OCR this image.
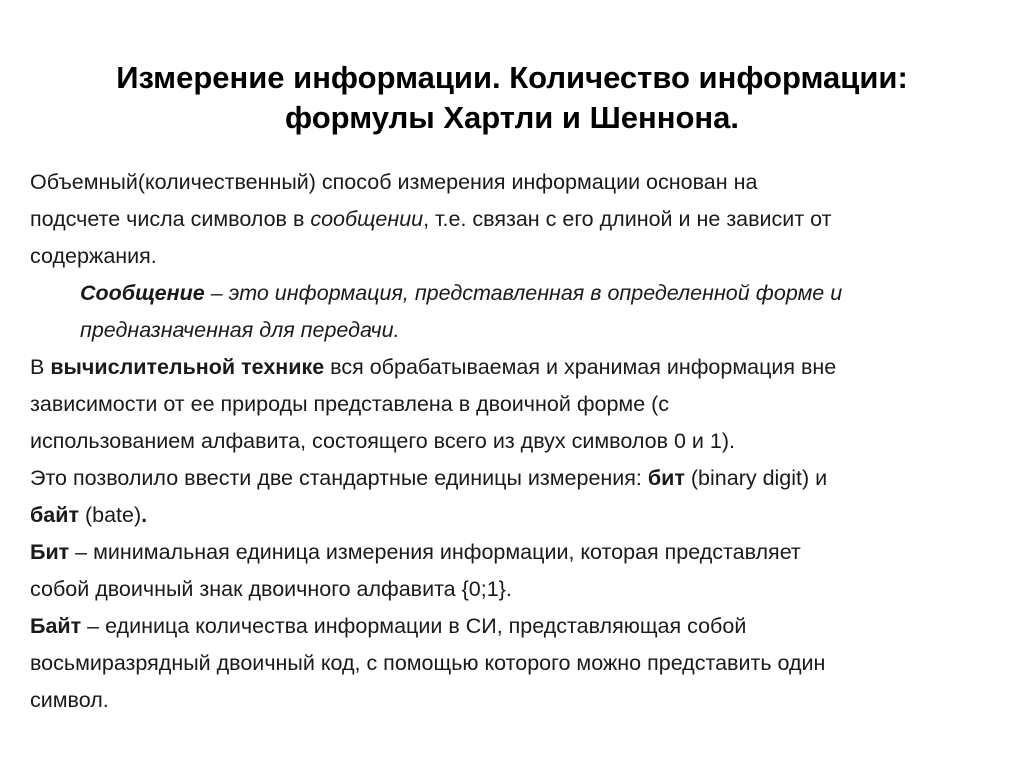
Измерение информации. Количество информации:
формулы Хартли и Шеннона.
Объемный(количественный) способ измерения информации основан на
подсчете числа символов в сообщении, т.е. связан с его длиной и не зависит от
содержания.
Сообщение – это информация, представленная в определенной форме и
предназначенная для передачи.
В вычислительной технике вся обрабатываемая и хранимая информация вне
зависимости от ее природы представлена в двоичной форме (с
использованием алфавита, состоящего всего из двух символов 0 и 1).
Это позволило ввести две стандартные единицы измерения: бит (binary digit) и
байт (bate).
Бит – минимальная единица измерения информации, которая представляет
собой двоичный знак двоичного алфавита {0;1}.
Байт – единица количества информации в СИ, представляющая собой
восьмиразрядный двоичный код, с помощью которого можно представить один
символ.
